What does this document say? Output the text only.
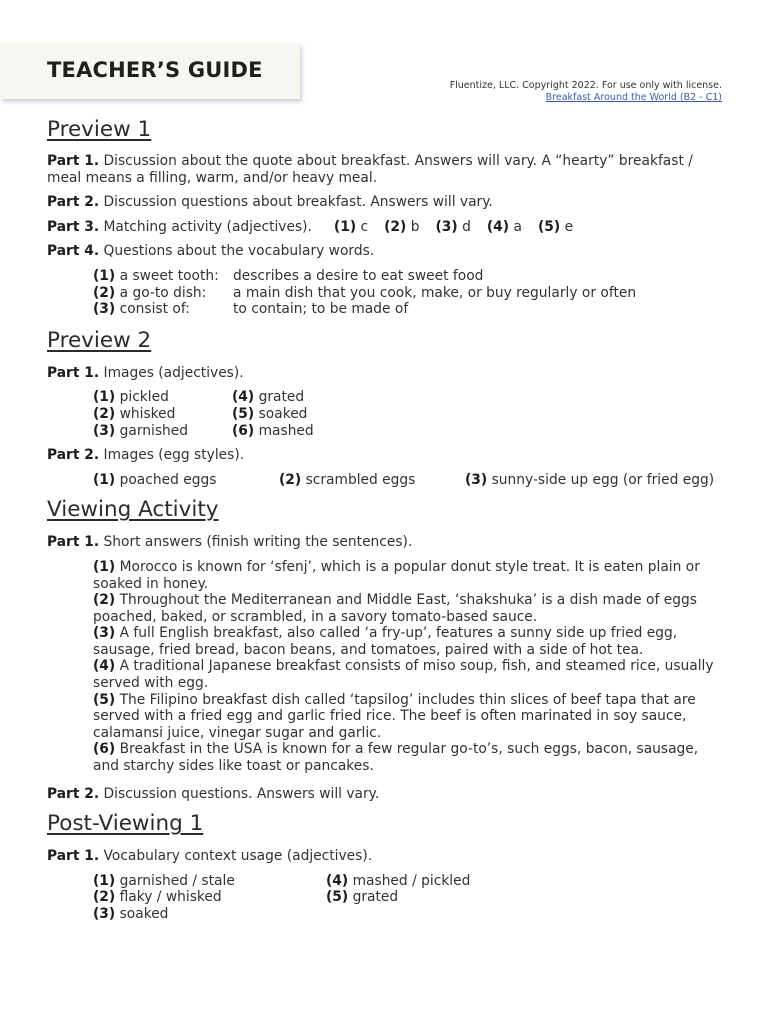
TEACHER’S GUIDE
Fluentize, LLC. Copyright 2022. For use only with license.
Breakfast Around the World (B2 - C1)
Preview 1

Part 1. Discussion about the quote about breakfast. Answers will vary. A “hearty” breakfast / meal means a filling, warm, and/or heavy meal.

Part 2. Discussion questions about breakfast. Answers will vary.

Part 3.
Matching activity (adjectives). (1) c (2) b (3) d (4) a (5) e

Part 4. Questions about the vocabulary words.

(1) a sweet tooth:	describes a desire to eat sweet food
(2) a go-to dish:	a main dish that you cook, make, or buy regularly or often
(3) consist of:	to contain; to be made of
Preview 2

Part 1. Images (adjectives).

(1) pickled
(2) whisked
(3) garnished
(4) grated
(5) soaked
(6) mashed

Part 2. Images (egg styles).

(1) poached eggs	(2) scrambled eggs	(3) sunny-side up egg (or fried egg)
Viewing Activity

Part 1. Short answers (finish writing the sentences).

(1) Morocco is known for ‘sfenj’, which is a popular donut style treat. It is eaten plain or soaked in honey.
(2) Throughout the Mediterranean and Middle East, ‘shakshuka’ is a dish made of eggs poached, baked, or scrambled, in a savory tomato-based sauce.
(3) A full English breakfast, also called ‘a fry-up’, features a sunny side up fried egg, sausage, fried bread, bacon beans, and tomatoes, paired with a side of hot tea.
(4) A traditional Japanese breakfast consists of miso soup, fish, and steamed rice, usually served with egg.
(5) The Filipino breakfast dish called ‘tapsilog’ includes thin slices of beef tapa that are served with a fried egg and garlic fried rice. The beef is often marinated in soy sauce, calamansi juice, vinegar sugar and garlic.
(6) Breakfast in the USA is known for a few regular go-to’s, such eggs, bacon, sausage, and starchy sides like toast or pancakes.

Part 2. Discussion questions. Answers will vary.

Post-Viewing 1

Part 1. Vocabulary context usage (adjectives).

(1) garnished / stale
(2) flaky / whisked
(3) soaked
(4) mashed / pickled
(5) grated
